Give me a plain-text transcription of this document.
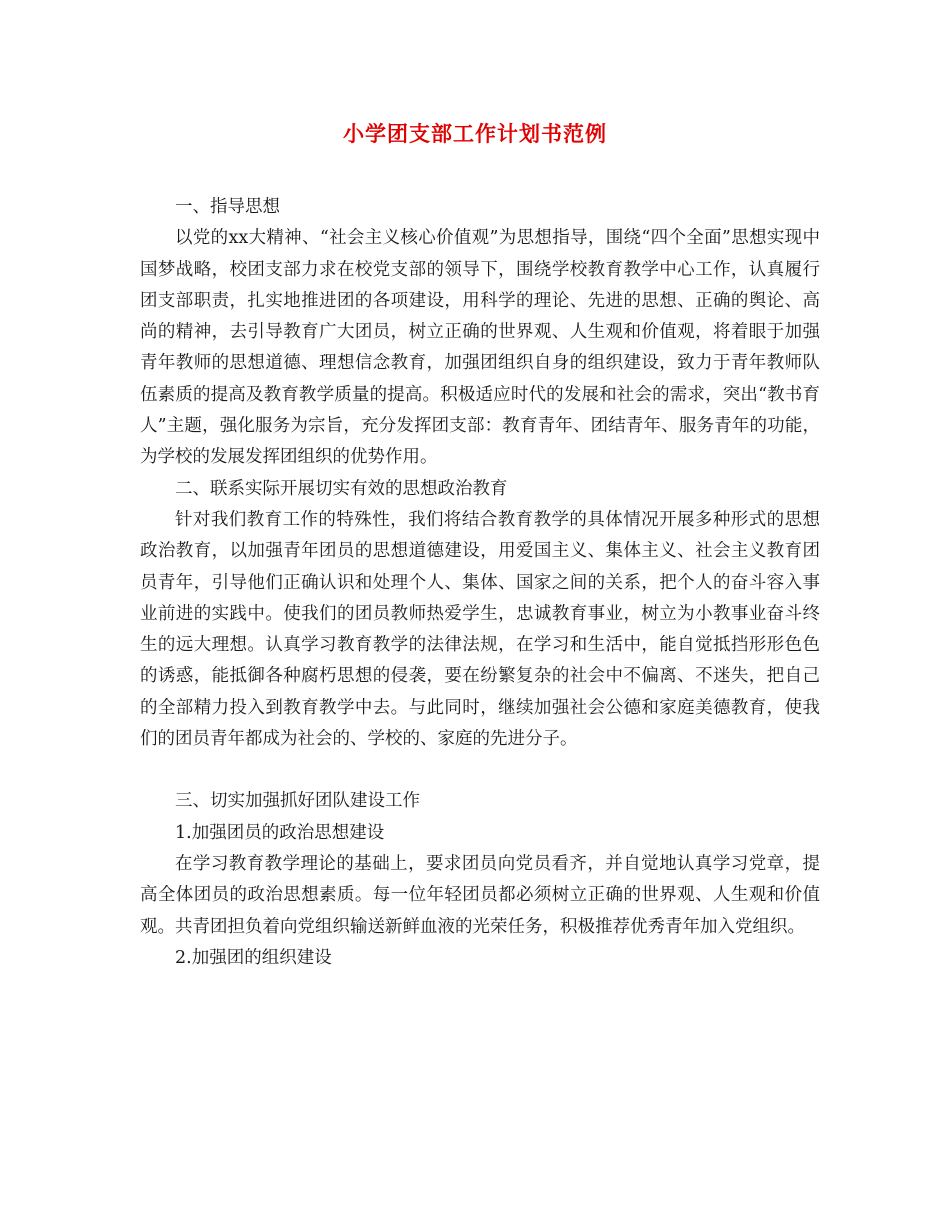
小学团支部工作计划书范例

一、指导思想

以党的xx大精神、“社会主义核心价值观”为思想指导，围绕“四个全面”思想实现中国梦战略，校团支部力求在校党支部的领导下，围绕学校教育教学中心工作，认真履行团支部职责，扎实地推进团的各项建设，用科学的理论、先进的思想、正确的舆论、高尚的精神，去引导教育广大团员，树立正确的世界观、人生观和价值观，将着眼于加强青年教师的思想道德、理想信念教育，加强团组织自身的组织建设，致力于青年教师队伍素质的提高及教育教学质量的提高。积极适应时代的发展和社会的需求，突出“教书育人”主题，强化服务为宗旨，充分发挥团支部：教育青年、团结青年、服务青年的功能，为学校的发展发挥团组织的优势作用。

二、联系实际开展切实有效的思想政治教育

针对我们教育工作的特殊性，我们将结合教育教学的具体情况开展多种形式的思想政治教育，以加强青年团员的思想道德建设，用爱国主义、集体主义、社会主义教育团员青年，引导他们正确认识和处理个人、集体、国家之间的关系，把个人的奋斗容入事业前进的实践中。使我们的团员教师热爱学生，忠诚教育事业，树立为小教事业奋斗终生的远大理想。认真学习教育教学的法律法规，在学习和生活中，能自觉抵挡形形色色的诱惑，能抵御各种腐朽思想的侵袭，要在纷繁复杂的社会中不偏离、不迷失，把自己的全部精力投入到教育教学中去。与此同时，继续加强社会公德和家庭美德教育，使我们的团员青年都成为社会的、学校的、家庭的先进分子。

三、切实加强抓好团队建设工作

1.加强团员的政治思想建设

在学习教育教学理论的基础上，要求团员向党员看齐，并自觉地认真学习党章，提高全体团员的政治思想素质。每一位年轻团员都必须树立正确的世界观、人生观和价值观。共青团担负着向党组织输送新鲜血液的光荣任务，积极推荐优秀青年加入党组织。

2.加强团的组织建设
